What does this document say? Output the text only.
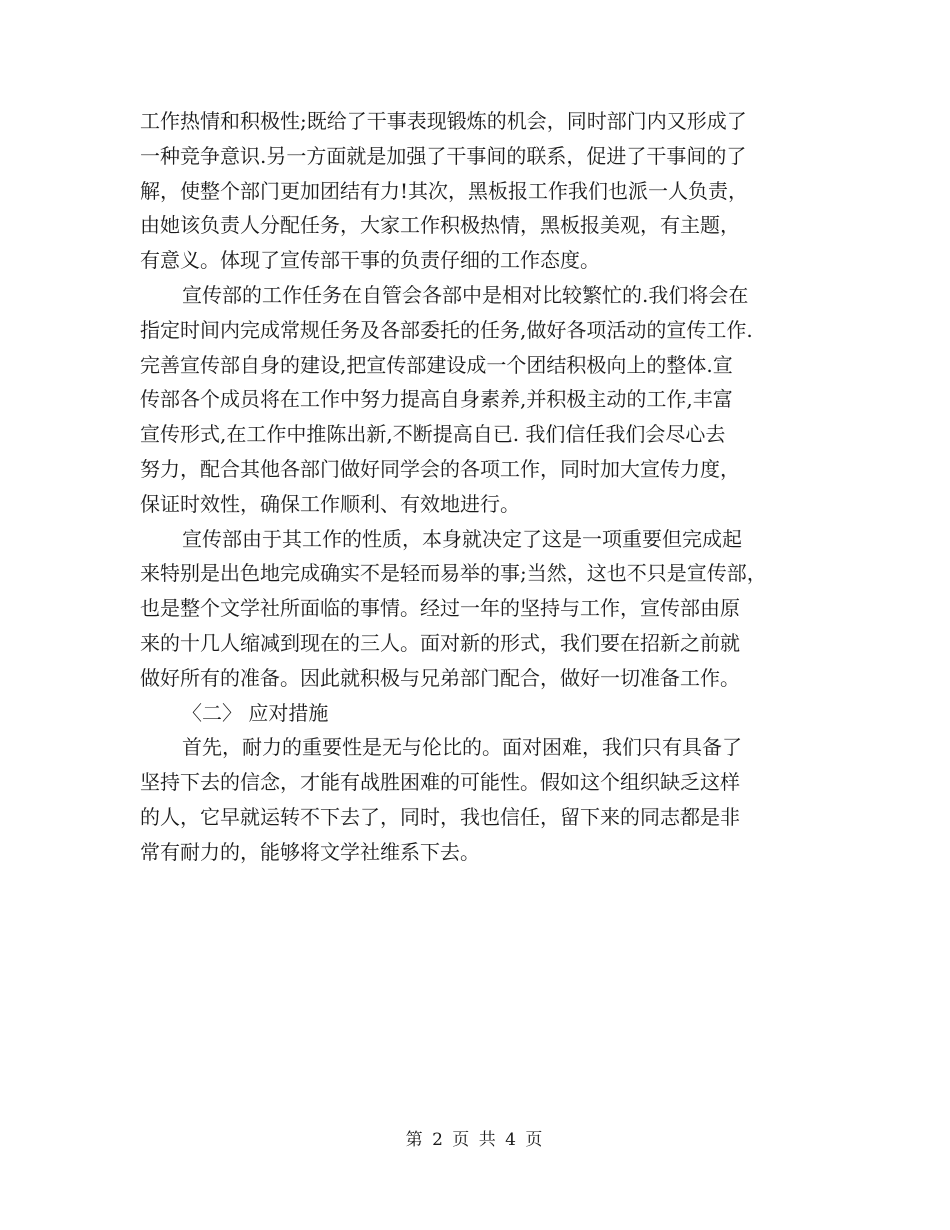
工作热情和积极性;既给了干事表现锻炼的机会，同时部门内又形成了
一种竞争意识.另一方面就是加强了干事间的联系，促进了干事间的了
解，使整个部门更加团结有力!其次，黑板报工作我们也派一人负责，
由她该负责人分配任务，大家工作积极热情，黑板报美观，有主题，
有意义。体现了宣传部干事的负责仔细的工作态度。
宣传部的工作任务在自管会各部中是相对比较繁忙的.我们将会在
指定时间内完成常规任务及各部委托的任务,做好各项活动的宣传工作.
完善宣传部自身的建设,把宣传部建设成一个团结积极向上的整体.宣
传部各个成员将在工作中努力提高自身素养,并积极主动的工作,丰富
宣传形式,在工作中推陈出新,不断提高自已. 我们信任我们会尽心去
努力，配合其他各部门做好同学会的各项工作，同时加大宣传力度，
保证时效性，确保工作顺利、有效地进行。
宣传部由于其工作的性质，本身就决定了这是一项重要但完成起
来特别是出色地完成确实不是轻而易举的事;当然，这也不只是宣传部，
也是整个文学社所面临的事情。经过一年的坚持与工作，宣传部由原
来的十几人缩减到现在的三人。面对新的形式，我们要在招新之前就
做好所有的准备。因此就积极与兄弟部门配合，做好一切准备工作。
〈二〉 应对措施
首先，耐力的重要性是无与伦比的。面对困难，我们只有具备了
坚持下去的信念，才能有战胜困难的可能性。假如这个组织缺乏这样
的人，它早就运转不下去了，同时，我也信任，留下来的同志都是非
常有耐力的，能够将文学社维系下去。
第 2 页 共 4 页
